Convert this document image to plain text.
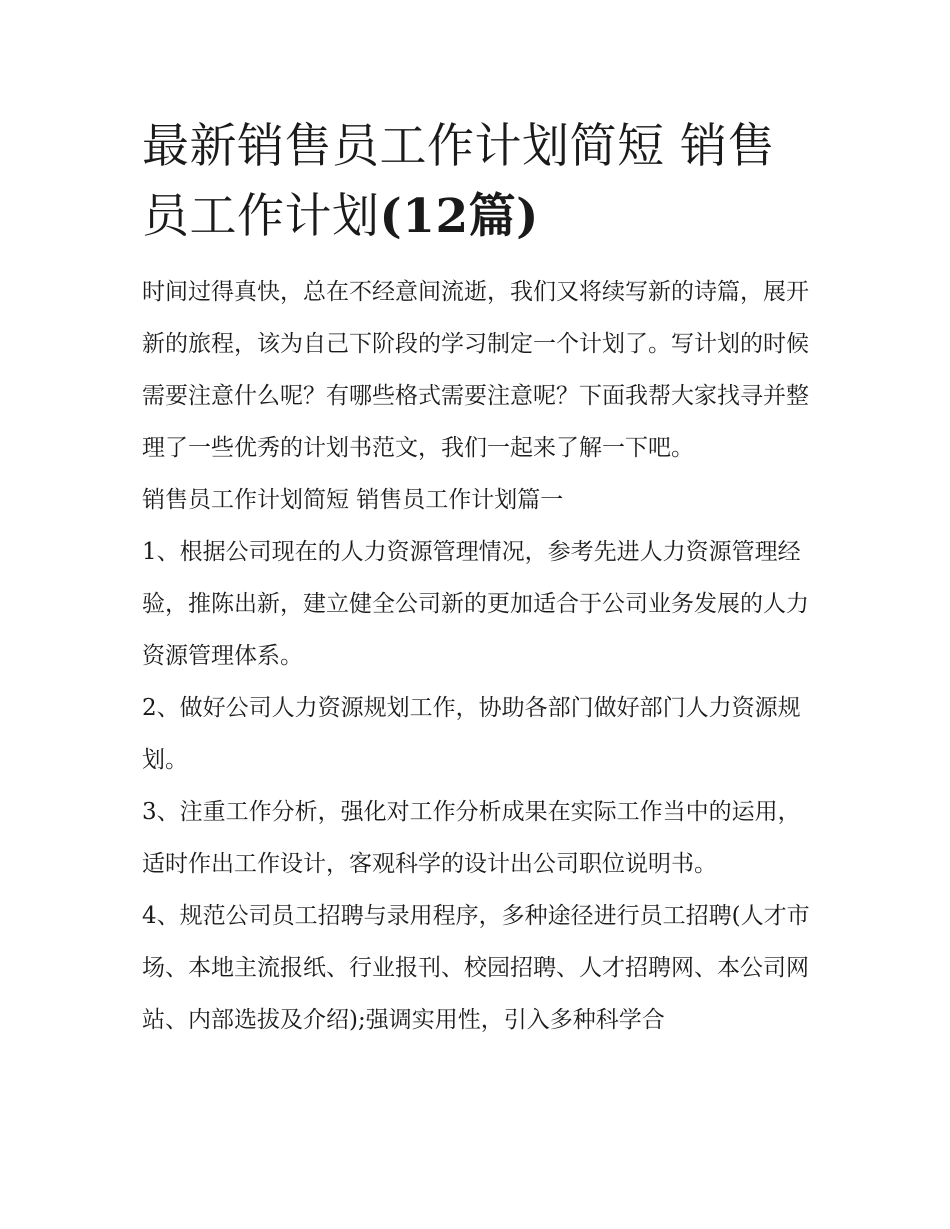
最新销售员工作计划简短 销售员工作计划(12篇)

时间过得真快，总在不经意间流逝，我们又将续写新的诗篇，展开新的旅程，该为自己下阶段的学习制定一个计划了。写计划的时候需要注意什么呢？有哪些格式需要注意呢？下面我帮大家找寻并整理了一些优秀的计划书范文，我们一起来了解一下吧。

销售员工作计划简短 销售员工作计划篇一

1、根据公司现在的人力资源管理情况，参考先进人力资源管理经验，推陈出新，建立健全公司新的更加适合于公司业务发展的人力资源管理体系。

2、做好公司人力资源规划工作，协助各部门做好部门人力资源规划。

3、注重工作分析，强化对工作分析成果在实际工作当中的运用，适时作出工作设计，客观科学的设计出公司职位说明书。

4、规范公司员工招聘与录用程序，多种途径进行员工招聘(人才市场、本地主流报纸、行业报刊、校园招聘、人才招聘网、本公司网站、内部选拔及介绍);强调实用性，引入多种科学合
